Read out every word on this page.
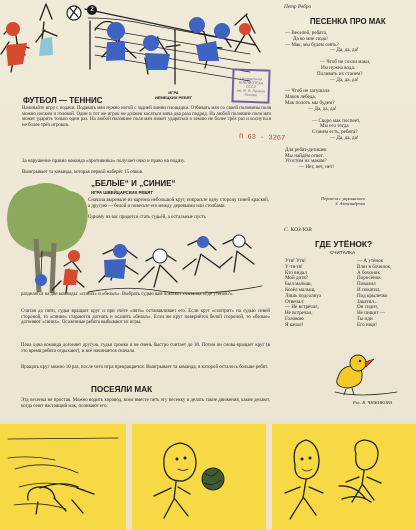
2
Центральная
БИБЛИОТЕКА
СССР
им. В. И. Ленина
Москва
П 63 - 3267
ФУТБОЛ — ТЕННИС
ИГРА
НЕМЕЦКИХ РЕБЯТ
Начинайте игру с подачи. Подавать мяч нужно ногой с задней линии площадки. Отбивать мяч со своей половины поля можно ногами и головой. Один и тот же игрок не должен касаться мяча два раза подряд. На любой половине поля мяч может ударить только один раз. На любой половине поля мяч может ударяться о землю не более трёх раз и коснуться не более трёх игроков.
За нарушение правил команда «противника» получает очко и право на подачу.
Выигрывает та команда, которая первой наберёт 15 очков.
„БЕЛЫЕ“ И „СИНИЕ“
ИГРА ШВЕЙЦАРСКИХ РЕБЯТ
Сначала вырежьте из картона небольшой круг, покрасьте одну сторону синей краской, а другую — белой и повесьте его между деревьями или столбами.
Одному из вас придется стать судьёй, а остальные пусть
разделятся на две команды: «синих» и «белых». Выбрать судью вам поможет считалка «Где утёнок?».
Считая до пяти, судья вращает круг и при счёте «пять» останавливает его. Если круг «смотрит» на судью синей стороной, то «синие» стараются догнать и осалить «белых». Если же круг повернётся белой стороной, то «белые» догоняют «синих». Осаленные ребята выбывают из игры.
Пока одна команда догоняет другую, судья громко и не очень быстро считает до 30. Потом он снова вращает круг (в это время ребята отдыхают), и всё начинается сначала.
Вращать круг можно 10 раз, после чего игра прекращается. Выигрывает та команда, в которой осталось больше ребят.
ПОСЕЯЛИ МАК
Эта песенка не простая. Можно водить хоровод, всем вместе петь эту песенку и делать такие движения, какие делают, когда сеют настоящий мак, поливают его.
Петр Ребро
ПЕСЕНКА ПРО МАК
— Веселей, ребята,
Да ко мне сюда!
— Мак, мы будем сеять?
— Да, да, да!
— Чтоб не сохли маки,
Им нужна вода.
Поливать их станем?
— Да, да, да!
— Чтоб не загушала
Маков лебеда,
Мак полоть мы будем?
— Да, да, да!
— Скоро мак поспеет,
Мы его тогда
Станем есть, ребята?
— Да, да, да!
Для ребят-детишек
Мы найдём ответ.
Угостим их маком?
— Нет, нет, нет!
Перевела с украинского
З. Александрова
С. КОЗЛОВ
ГДЕ УТЁНОК?
СЧИТАЛКА
Утя! Утя!
У-тя-тя!
Кто видал
Мой дитя?
Был малыш,
Козёл малыш,
Лишь подсолнух
Отвечал:
— Не встречал,
Не встречал,
Головою
Я качал!
— А утёнок
Влез в бочонок,
А бочонок
Поросёнок
Повалил
И покатил,
Под крылечко
Закатил...
Он сидит,
Не пищит —
Ты иди
Его ищи!
Рис. В. ЧИЖИКОВА
